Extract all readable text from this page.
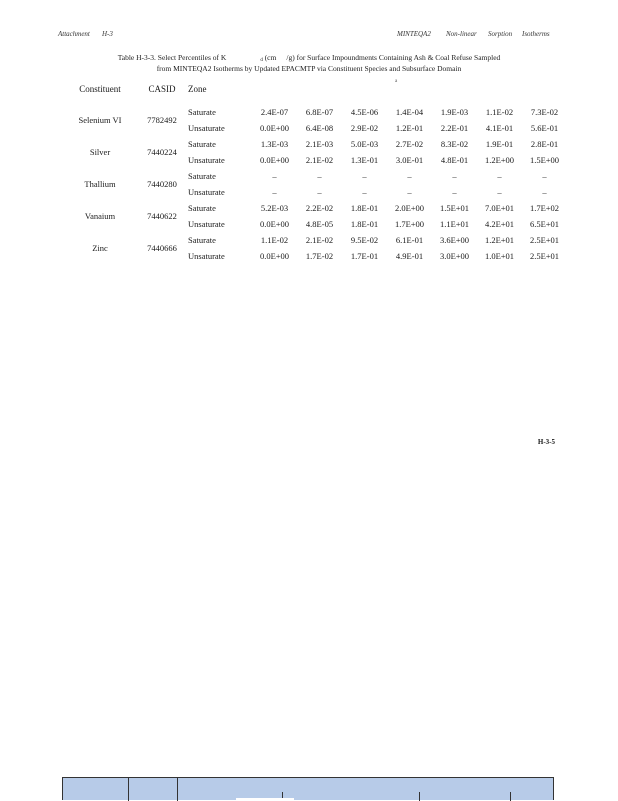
Attachment H-3	MINTEQA2 Non-linear Sorption Isotherms
Table H-3-3. Select Percentiles of K	d (cm /g) for Surface Impoundments Containing Ash & Coal Refuse Sampled
from MINTEQA2 Isotherms by Updated EPACMTP via Constituent Species and Subsurface Domain
a
Constituent	CASID	Zone							

Selenium VI	7782492	Saturate	2.4E-07	6.8E-07	4.5E-06	1.4E-04	1.9E-03	1.1E-02	7.3E-02
		Unsaturate	0.0E+00	6.4E-08	2.9E-02	1.2E-01	2.2E-01	4.1E-01	5.6E-01
Silver	7440224	Saturate	1.3E-03	2.1E-03	5.0E-03	2.7E-02	8.3E-02	1.9E-01	2.8E-01
		Unsaturate	0.0E+00	2.1E-02	1.3E-01	3.0E-01	4.8E-01	1.2E+00	1.5E+00
Thallium	7440280	Saturate	–	–	–	–	–	–	–
		Unsaturate	–	–	–	–	–	–	–
Vanaium	7440622	Saturate	5.2E-03	2.2E-02	1.8E-01	2.0E+00	1.5E+01	7.0E+01	1.7E+02
		Unsaturate	0.0E+00	4.8E-05	1.8E-01	1.7E+00	1.1E+01	4.2E+01	6.5E+01
Zinc	7440666	Saturate	1.1E-02	2.1E-02	9.5E-02	6.1E-01	3.6E+00	1.2E+01	2.5E+01
		Unsaturate	0.0E+00	1.7E-02	1.7E-01	4.9E-01	3.0E+00	1.0E+01	2.5E+01
H-3-5
